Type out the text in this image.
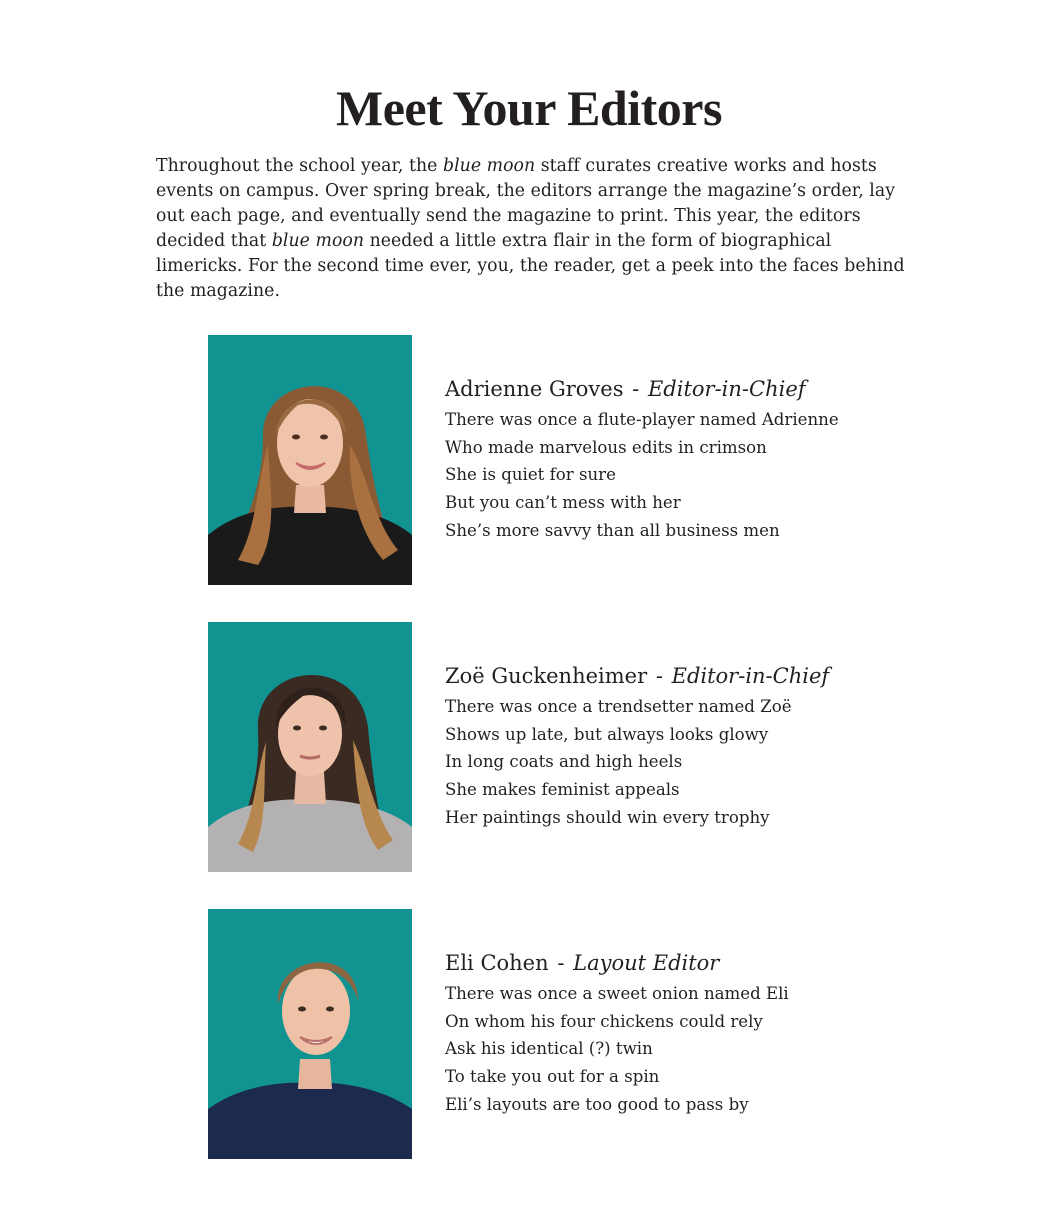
Meet Your Editors

Throughout the school year, the blue moon staff curates creative works and hosts events on campus. Over spring break, the editors arrange the magazine’s order, lay out each page, and eventually send the magazine to print. This year, the editors decided that blue moon needed a little extra flair in the form of biographical limericks. For the second time ever, you, the reader, get a peek into the faces behind the magazine.

Adrienne Groves - Editor-in-Chief

There was once a flute-player named Adrienne
Who made marvelous edits in crimson
She is quiet for sure
But you can’t mess with her
She’s more savvy than all business men

Zoë Guckenheimer - Editor-in-Chief

There was once a trendsetter named Zoë
Shows up late, but always looks glowy
In long coats and high heels
She makes feminist appeals
Her paintings should win every trophy

Eli Cohen - Layout Editor

There was once a sweet onion named Eli
On whom his four chickens could rely
Ask his identical (?) twin
To take you out for a spin
Eli’s layouts are too good to pass by
